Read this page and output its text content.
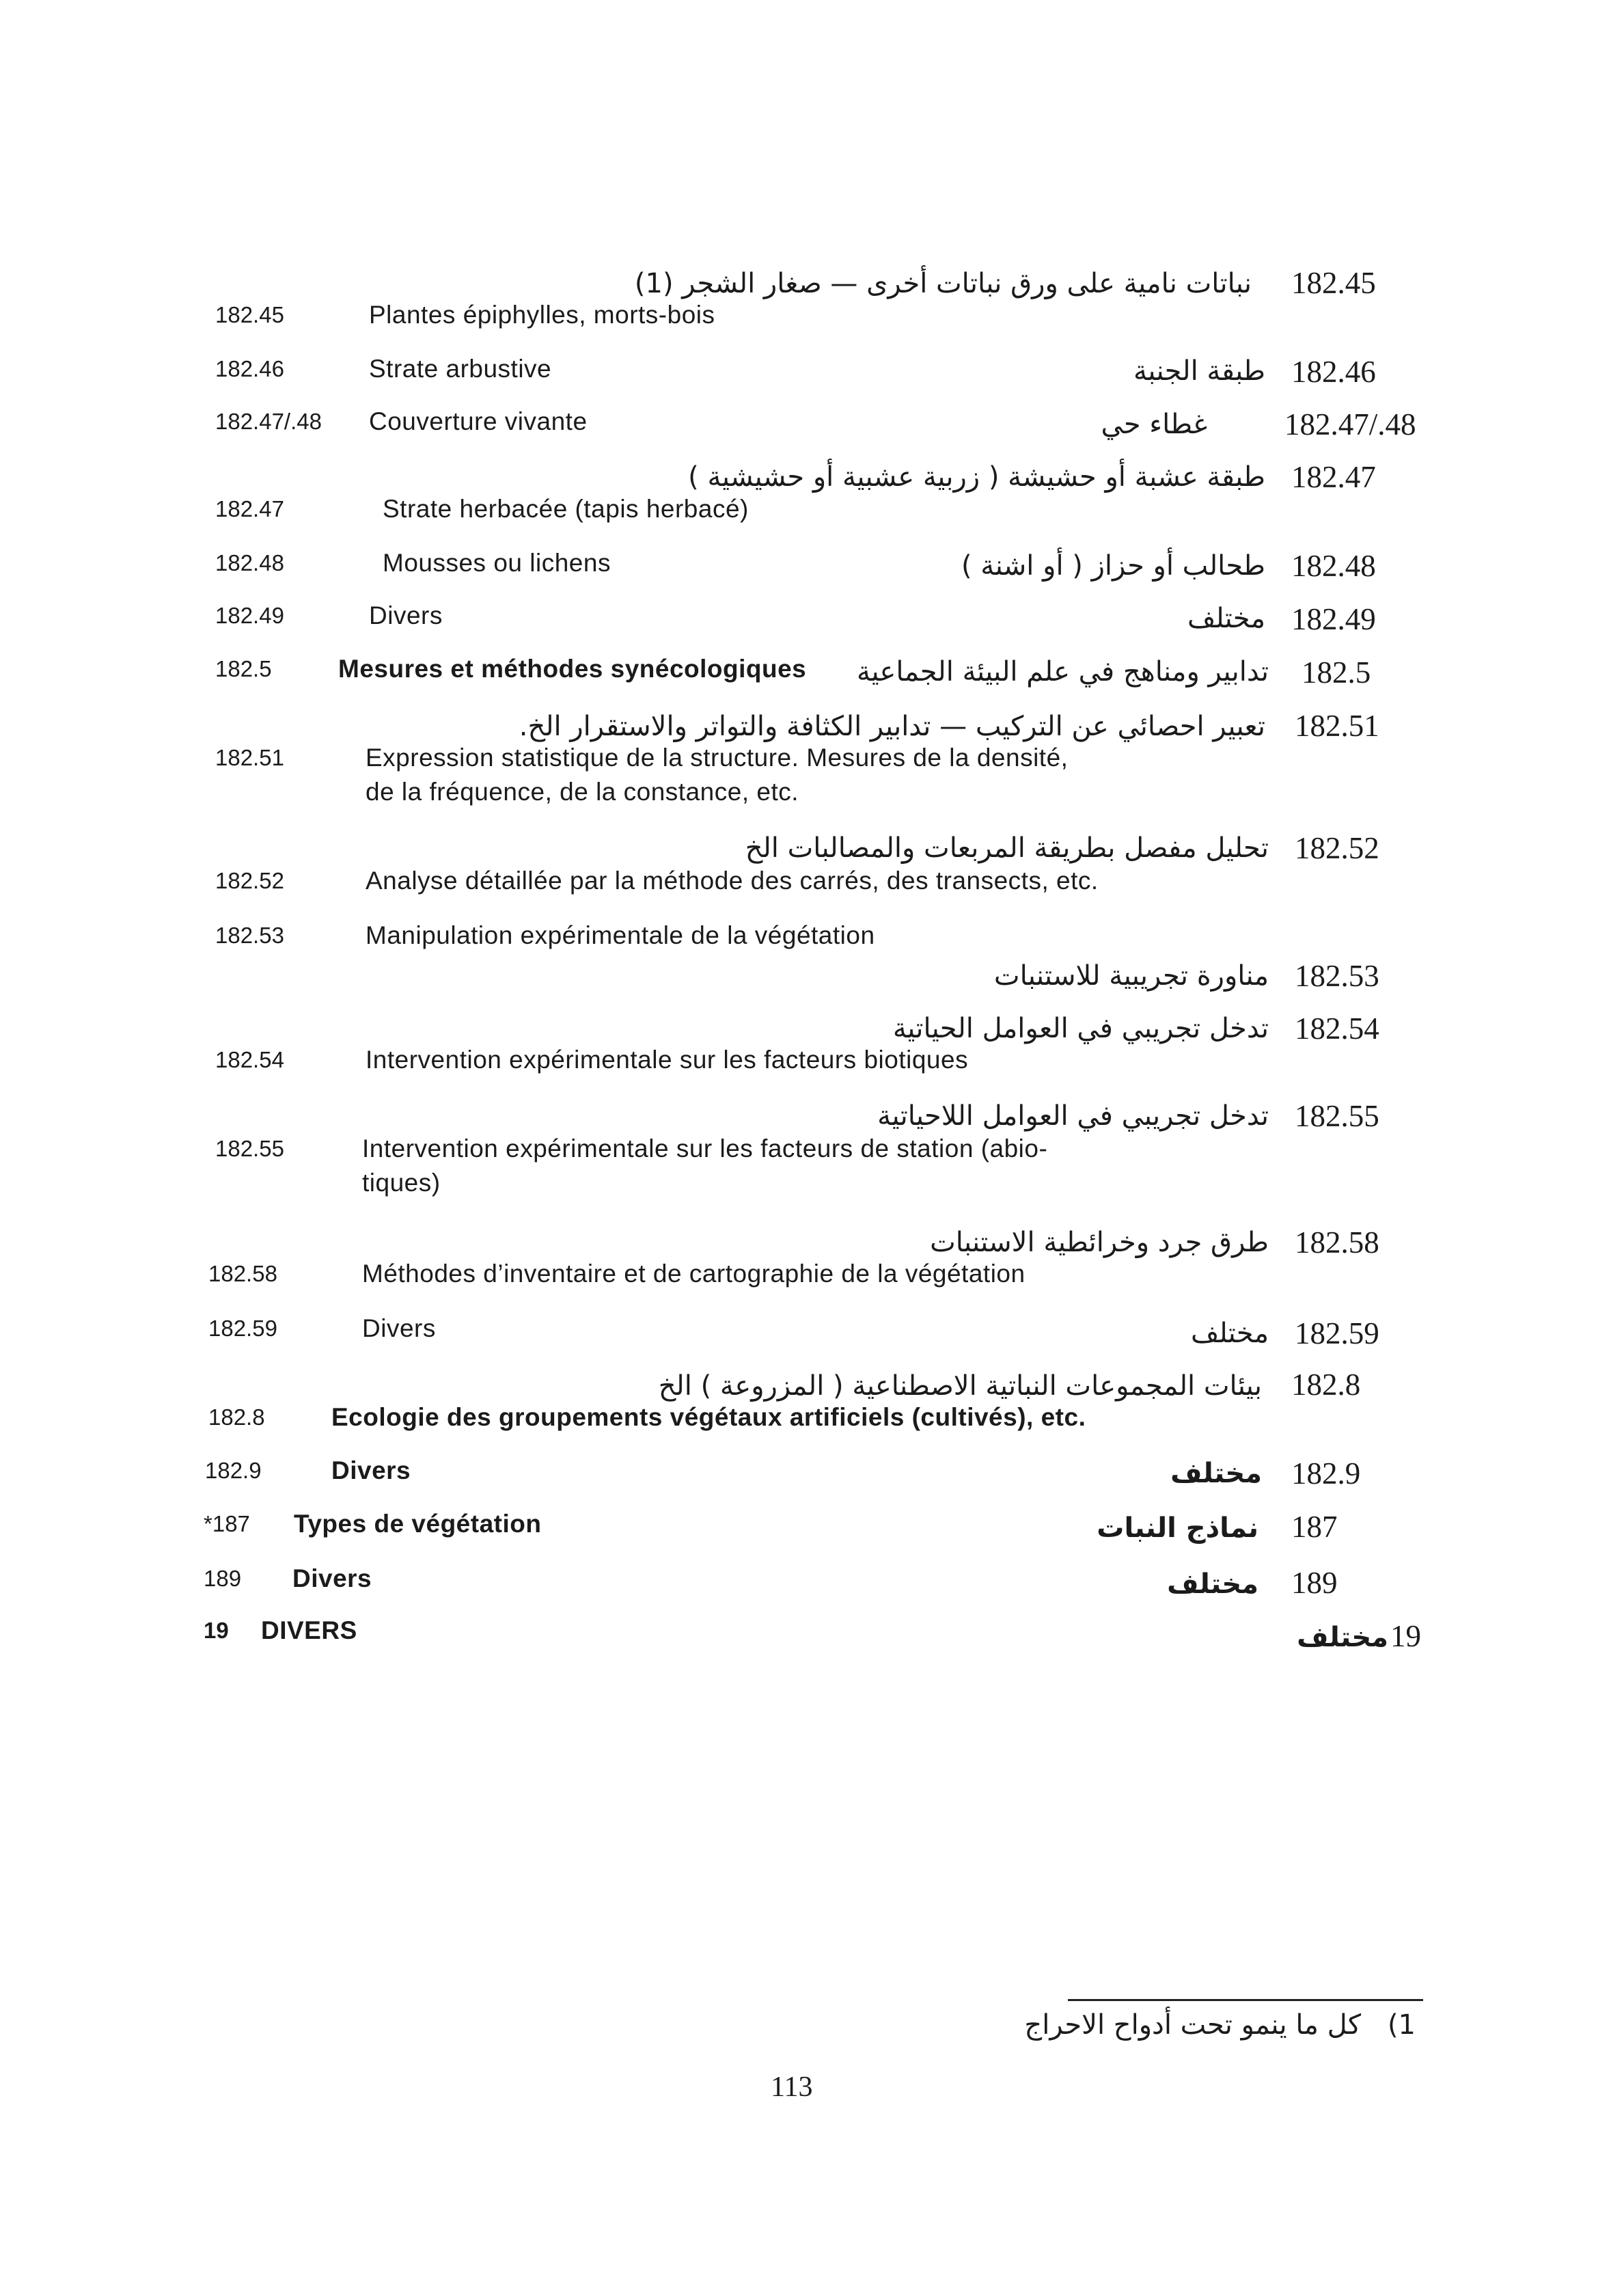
نباتات نامية على ورق نباتات أخرى — صغار الشجر (1) 182.45
182.45	Plantes épiphylles, morts-bois
182.46	Strate arbustive	طبقة الجنبة 182.46
182.47/.48 Couverture vivante	غطاء حي	182.47/.48
طبقة عشبة أو حشيشة ( زربية عشبية أو حشيشية ) 182.47
182.47	Strate herbacée (tapis herbacé)
182.48	Mousses ou lichens	طحالب أو حزاز ( أو اشنة ) 182.48
182.49	Divers	مختلف 182.49
182.5	Mesures et méthodes synécologiques تدابير ومناهج في علم البيئة الجماعية 182.5
تعبير احصائي عن التركيب — تدابير الكثافة والتواتر والاستقرار الخ. 182.51
182.51	Expression statistique de la structure. Mesures de la densité,
de la fréquence, de la constance, etc.
تحليل مفصل بطريقة المربعات والمصالبات الخ 182.52
182.52	Analyse détaillée par la méthode des carrés, des transects, etc.
182.53	Manipulation expérimentale de la végétation
مناورة تجريبية للاستنبات 182.53
تدخل تجريبي في العوامل الحياتية 182.54
182.54	Intervention expérimentale sur les facteurs biotiques
تدخل تجريبي في العوامل اللاحياتية 182.55
182.55	Intervention expérimentale sur les facteurs de station (abio-
tiques)
طرق جرد وخرائطية الاستنبات 182.58
182.58	Méthodes d’inventaire et de cartographie de la végétation
182.59	Divers	مختلف 182.59
بيئات المجموعات النباتية الاصطناعية ( المزروعة ) الخ 182.8
182.8	Ecologie des groupements végétaux artificiels (cultivés), etc.
182.9	Divers	مختلف 182.9
*187 Types de végétation	نماذج النبات 187
189 Divers	مختلف 189
19 DIVERS	مختلف 19
كل ما ينمو تحت أدواح الاحراج (1
113
